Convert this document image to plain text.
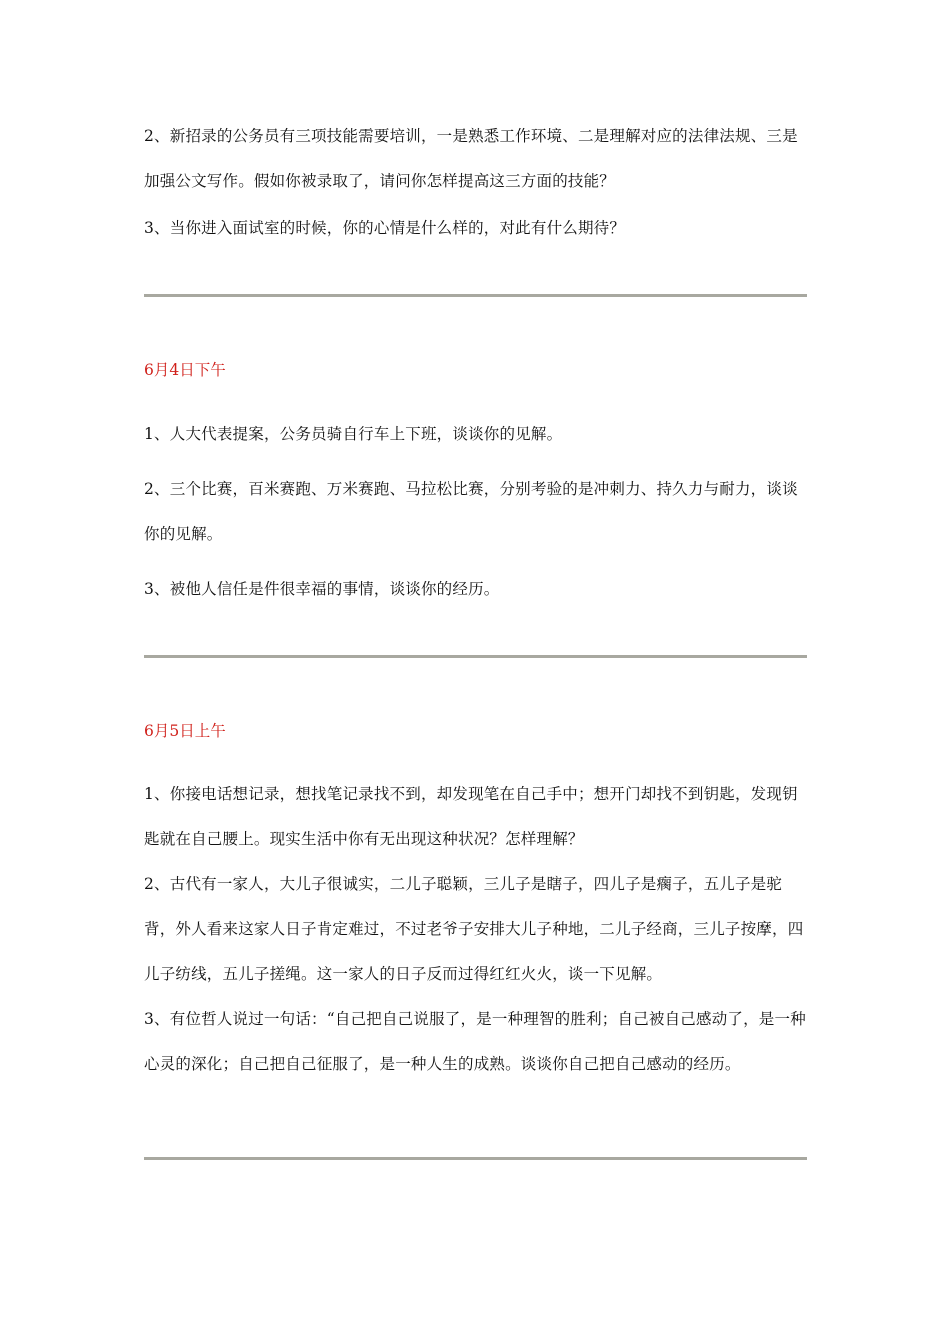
2、新招录的公务员有三项技能需要培训，一是熟悉工作环境、二是理解对应的法律法规、三是加强公文写作。假如你被录取了，请问你怎样提高这三方面的技能？

3、当你进入面试室的时候，你的心情是什么样的，对此有什么期待？

6月4日下午

1、人大代表提案，公务员骑自行车上下班，谈谈你的见解。

2、三个比赛，百米赛跑、万米赛跑、马拉松比赛，分别考验的是冲刺力、持久力与耐力，谈谈你的见解。

3、被他人信任是件很幸福的事情，谈谈你的经历。

6月5日上午

1、你接电话想记录，想找笔记录找不到，却发现笔在自己手中；想开门却找不到钥匙，发现钥匙就在自己腰上。现实生活中你有无出现这种状况？怎样理解？

2、古代有一家人，大儿子很诚实，二儿子聪颖，三儿子是瞎子，四儿子是瘸子，五儿子是驼背，外人看来这家人日子肯定难过，不过老爷子安排大儿子种地，二儿子经商，三儿子按摩，四儿子纺线，五儿子搓绳。这一家人的日子反而过得红红火火，谈一下见解。

3、有位哲人说过一句话：“自己把自己说服了，是一种理智的胜利；自己被自己感动了，是一种心灵的深化；自己把自己征服了，是一种人生的成熟。谈谈你自己把自己感动的经历。
